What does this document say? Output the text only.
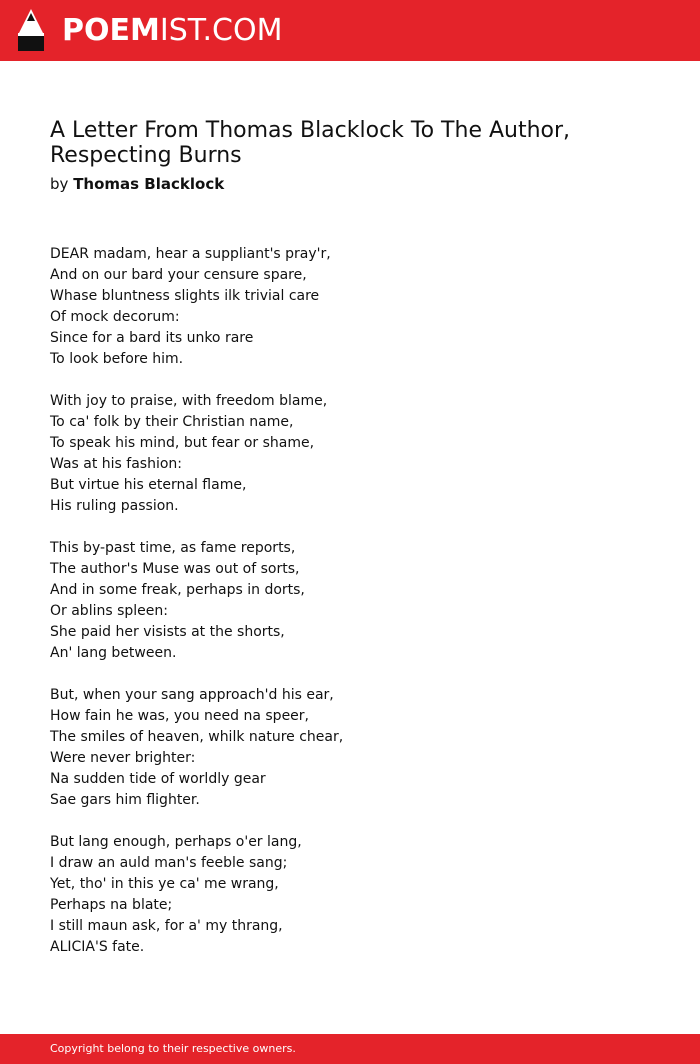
POEMIST.COM
A Letter From Thomas Blacklock To The Author, Respecting Burns
by Thomas Blacklock
DEAR madam, hear a suppliant's pray'r,
And on our bard your censure spare,
Whase bluntness slights ilk trivial care
Of mock decorum:
Since for a bard its unko rare
To look before him.
With joy to praise, with freedom blame,
To ca' folk by their Christian name,
To speak his mind, but fear or shame,
Was at his fashion:
But virtue his eternal flame,
His ruling passion.
This by-past time, as fame reports,
The author's Muse was out of sorts,
And in some freak, perhaps in dorts,
Or ablins spleen:
She paid her visists at the shorts,
An' lang between.
But, when your sang approach'd his ear,
How fain he was, you need na speer,
The smiles of heaven, whilk nature chear,
Were never brighter:
Na sudden tide of worldly gear
Sae gars him flighter.
But lang enough, perhaps o'er lang,
I draw an auld man's feeble sang;
Yet, tho' in this ye ca' me wrang,
Perhaps na blate;
I still maun ask, for a' my thrang,
ALICIA'S fate.
Copyright belong to their respective owners.
